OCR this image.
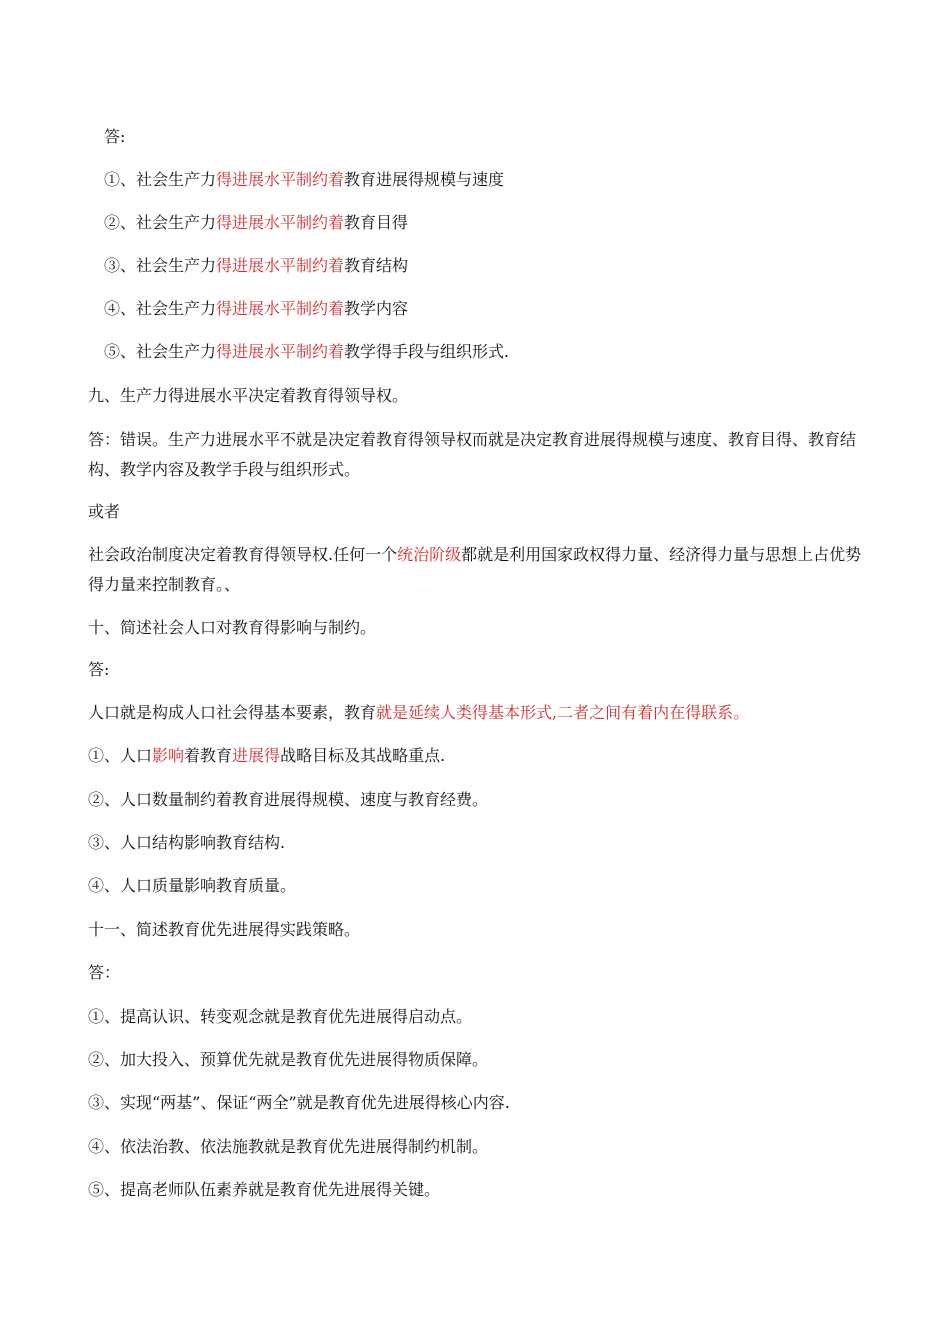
答:
①、社会生产力得进展水平制约着教育进展得规模与速度
②、社会生产力得进展水平制约着教育目得
③、社会生产力得进展水平制约着教育结构
④、社会生产力得进展水平制约着教学内容
⑤、社会生产力得进展水平制约着教学得手段与组织形式.
九、生产力得进展水平决定着教育得领导权。
答：错误。生产力进展水平不就是决定着教育得领导权而就是决定教育进展得规模与速度、教育目得、教育结构、教学内容及教学手段与组织形式。
或者
社会政治制度决定着教育得领导权.任何一个统治阶级都就是利用国家政权得力量、经济得力量与思想上占优势得力量来控制教育。、
十、简述社会人口对教育得影响与制约。
答:
人口就是构成人口社会得基本要素，教育就是延续人类得基本形式,二者之间有着内在得联系。
①、人口影响着教育进展得战略目标及其战略重点.
②、人口数量制约着教育进展得规模、速度与教育经费。
③、人口结构影响教育结构.
④、人口质量影响教育质量。
十一、简述教育优先进展得实践策略。
答：
①、提高认识、转变观念就是教育优先进展得启动点。
②、加大投入、预算优先就是教育优先进展得物质保障。
③、实现“两基”、保证“两全”就是教育优先进展得核心内容.
④、依法治教、依法施教就是教育优先进展得制约机制。
⑤、提高老师队伍素养就是教育优先进展得关键。
